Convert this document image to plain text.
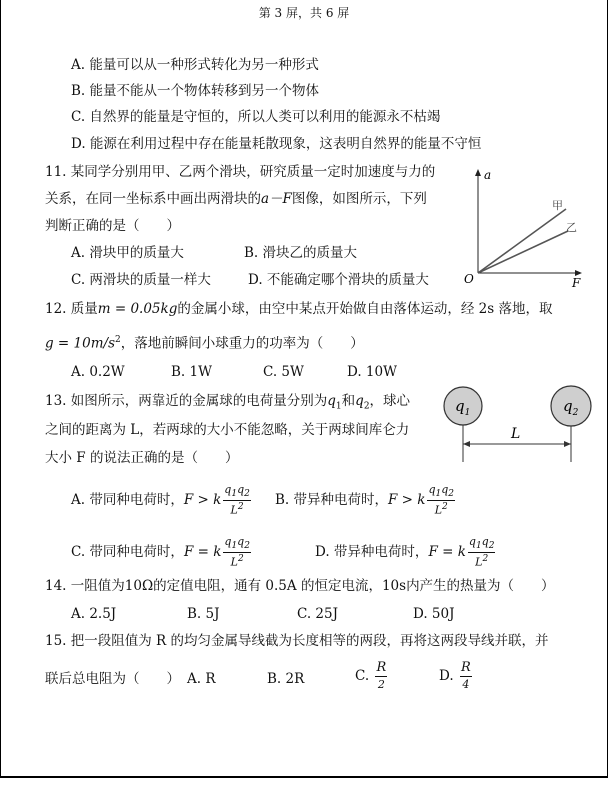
第 3 屏，共 6 屏
A. 能量可以从一种形式转化为另一种形式
B. 能量不能从一个物体转移到另一个物体
C. 自然界的能量是守恒的，所以人类可以利用的能源永不枯竭
D. 能源在利用过程中存在能量耗散现象，这表明自然界的能量不守恒
11. 某同学分别用甲、乙两个滑块，研究质量一定时加速度与力的
关系，在同一坐标系中画出两滑块的a－F图像，如图所示，下列
判断正确的是（　　）
A. 滑块甲的质量大	B. 滑块乙的质量大
C. 两滑块的质量一样大	D. 不能确定哪个滑块的质量大
a
F
O
甲
乙
12. 质量m = 0.05kg的金属小球，由空中某点开始做自由落体运动，经 2s 落地，取
$g = 10m/s^2$，落地前瞬间小球重力的功率为（　　）
A. 0.2W	B. 1W	C. 5W	D. 10W
13. 如图所示，两靠近的金属球的电荷量分别为$q_1$和$q_2$，球心
之间的距离为 L，若两球的大小不能忽略，关于两球间库仑力
大小 F 的说法正确的是（　　）
$q_1$	$q_2$
L
A. 带同种电荷时，F > k $\frac{q_1q_2}{L^2} B$. 带异种电荷时，F > k $\frac{q_1q_2}{L^2}$
C. 带同种电荷时，F = k $\frac{q_1q_2}{L^2}$	D. 带异种电荷时，F = k $\frac{q_1q_2}{L^2}$
14. 一阻值为10Ω的定值电阻，通有 0.5A 的恒定电流，10s内产生的热量为（　　）
A. 2.5J	B. 5J	C. 25J	D. 50J
15. 把一段阻值为 R 的均匀金属导线截为长度相等的两段，再将这两段导线并联，并
联后总电阻为（　　） A. R	B. 2R	C. $\frac{R}{2}$	D. $\frac{R}{4}$
